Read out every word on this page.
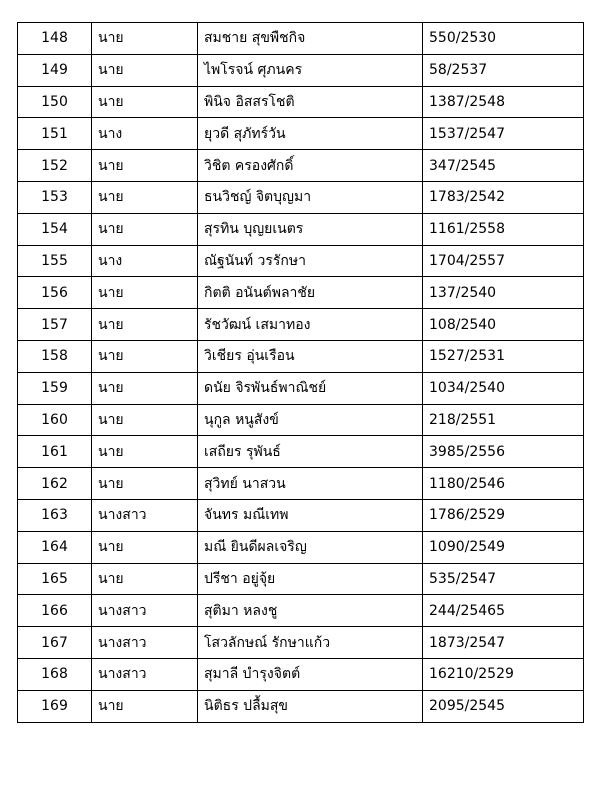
148	นาย	สมชาย สุขพืชกิจ	550/2530
149	นาย	ไพโรจน์ ศุภนคร	58/2537
150	นาย	พินิจ อิสสรโชติ	1387/2548
151	นาง	ยุวดี สุภัทร์วัน	1537/2547
152	นาย	วิชิต ครองศักดิ์	347/2545
153	นาย	ธนวิชญ์ จิตบุญมา	1783/2542
154	นาย	สุรทิน บุญยเนตร	1161/2558
155	นาง	ณัฐนันท์ วรรักษา	1704/2557
156	นาย	กิตติ อนันต์พลาชัย	137/2540
157	นาย	รัชวัฒน์ เสมาทอง	108/2540
158	นาย	วิเชียร อุ่นเรือน	1527/2531
159	นาย	ดนัย จิรพันธ์พาณิชย์	1034/2540
160	นาย	นุกูล หนูสังข์	218/2551
161	นาย	เสถียร รุพันธ์	3985/2556
162	นาย	สุวิทย์ นาสวน	1180/2546
163	นางสาว	จันทร มณีเทพ	1786/2529
164	นาย	มณี ยินดีผลเจริญ	1090/2549
165	นาย	ปรีชา อยู่จุ้ย	535/2547
166	นางสาว	สุติมา หลงชู	244/25465
167	นางสาว	โสวลักษณ์ รักษาแก้ว	1873/2547
168	นางสาว	สุมาลี บำรุงจิตต์	16210/2529
169	นาย	นิติธร ปลื้มสุข	2095/2545
